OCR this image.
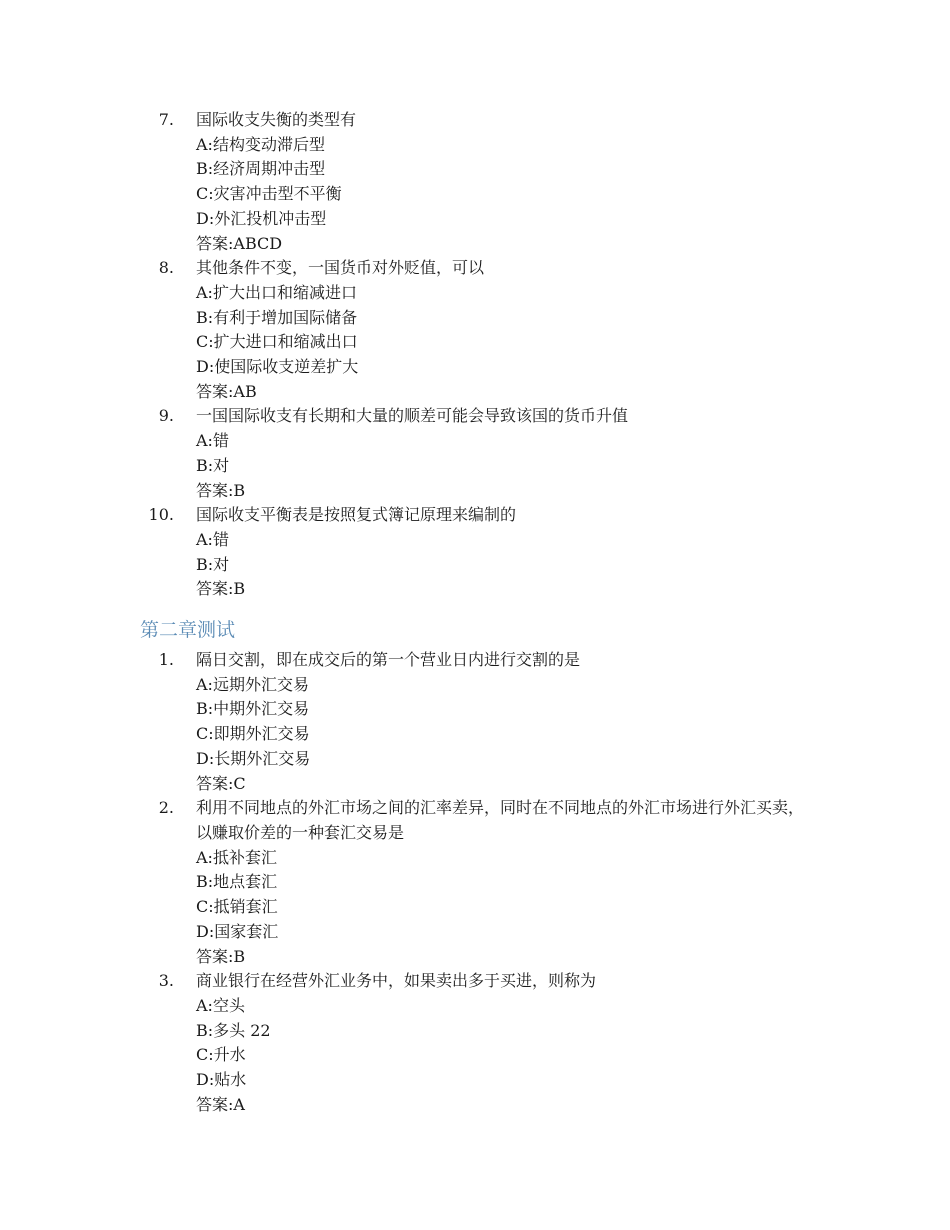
7. 国际收支失衡的类型有
A:结构变动滞后型
B:经济周期冲击型
C:灾害冲击型不平衡
D:外汇投机冲击型
答案:ABCD
8. 其他条件不变，一国货币对外贬值，可以
A:扩大出口和缩减进口
B:有利于增加国际储备
C:扩大进口和缩减出口
D:使国际收支逆差扩大
答案:AB
9. 一国国际收支有长期和大量的顺差可能会导致该国的货币升值
A:错
B:对
答案:B
10. 国际收支平衡表是按照复式簿记原理来编制的
A:错
B:对
答案:B
第二章测试
1. 隔日交割，即在成交后的第一个营业日内进行交割的是
A:远期外汇交易
B:中期外汇交易
C:即期外汇交易
D:长期外汇交易
答案:C
2. 利用不同地点的外汇市场之间的汇率差异，同时在不同地点的外汇市场进行外汇买卖，以赚取价差的一种套汇交易是
A:抵补套汇
B:地点套汇
C:抵销套汇
D:国家套汇
答案:B
3. 商业银行在经营外汇业务中，如果卖出多于买进，则称为
A:空头
B:多头 22
C:升水
D:贴水
答案:A
